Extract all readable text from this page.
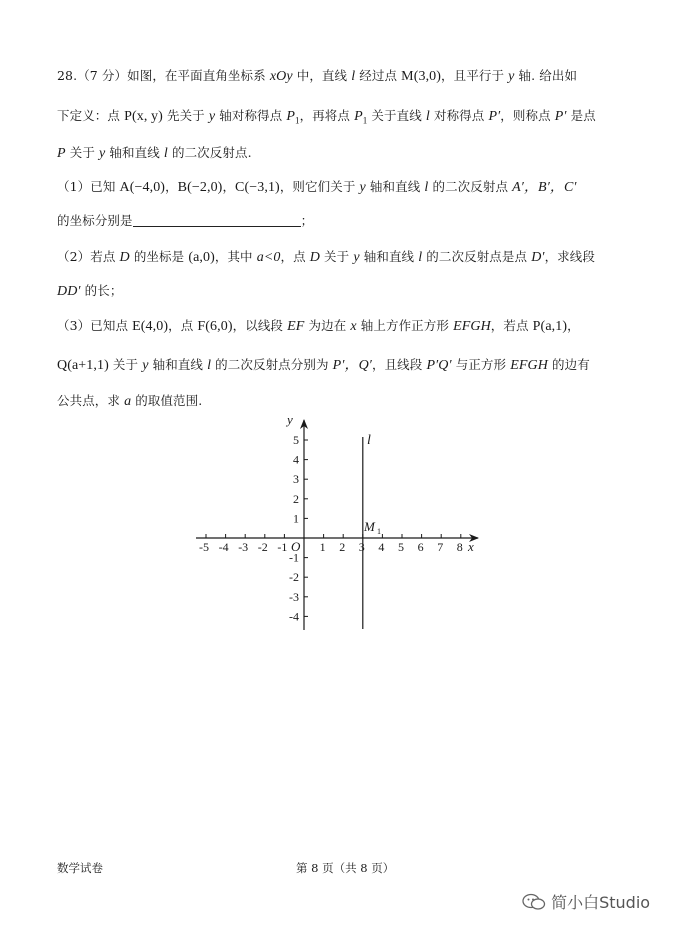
28.（7 分）如图，在平面直角坐标系 xOy 中，直线 l 经过点 M(3,0)，且平行于 y 轴. 给出如
下定义：点 P(x, y) 先关于 y 轴对称得点 $P_1$，再将点 $P_1$ 关于直线 l 对称得点 P′，则称点 P′ 是点
P 关于 y 轴和直线 l 的二次反射点.
（1）已知 A(−4,0)，B(−2,0)，C(−3,1)，则它们关于 y 轴和直线 l 的二次反射点 A′，B′，C′
的坐标分别是	；
（2）若点 D 的坐标是 (a,0)，其中 a<0，点 D 关于 y 轴和直线 l 的二次反射点是点 D′，求线段
DD′ 的长；
（3）已知点 E(4,0)，点 F(6,0)，以线段 EF 为边在 x 轴上方作正方形 EFGH，若点 P(a,1)，
Q(a+1,1) 关于 y 轴和直线 l 的二次反射点分别为 P′，Q′，且线段 P′Q′ 与正方形 EFGH 的边有
公共点，求 a 的取值范围.
-5 -4 -3 -2 -1	1 2 3 4 5 6 7 8
5
4
3
2
1
-1
-2
-3
-4
x
y
O
l
M 1
数学试卷	第 8 页（共 8 页）
简小白Studio
